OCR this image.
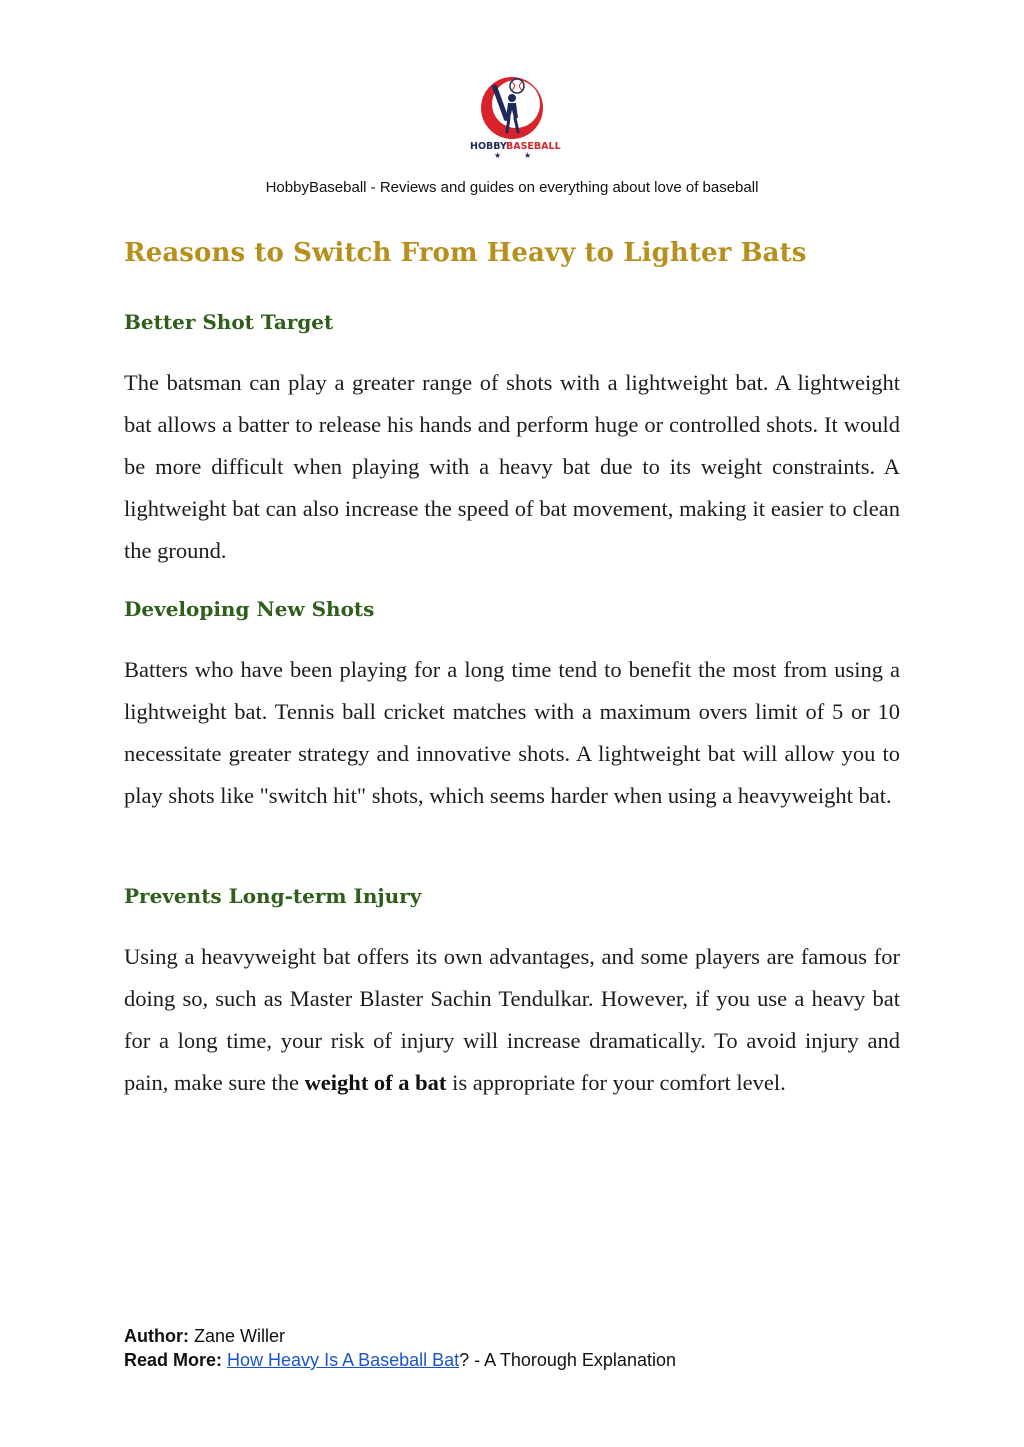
★	★
HOBBY BASEBALL
HobbyBaseball - Reviews and guides on everything about love of baseball
Reasons to Switch From Heavy to Lighter Bats
Better Shot Target

The batsman can play a greater range of shots with a lightweight bat. A lightweight bat allows a batter to release his hands and perform huge or controlled shots. It would be more difficult when playing with a heavy bat due to its weight constraints. A lightweight bat can also increase the speed of bat movement, making it easier to clean the ground.

Developing New Shots

Batters who have been playing for a long time tend to benefit the most from using a lightweight bat. Tennis ball cricket matches with a maximum overs limit of 5 or 10 necessitate greater strategy and innovative shots. A lightweight bat will allow you to play shots like "switch hit" shots, which seems harder when using a heavyweight bat.

Prevents Long-term Injury

Using a heavyweight bat offers its own advantages, and some players are famous for doing so, such as Master Blaster Sachin Tendulkar. However, if you use a heavy bat for a long time, your risk of injury will increase dramatically. To avoid injury and pain, make sure the weight of a bat is appropriate for your comfort level.

Author: Zane Willer
Read More: How Heavy Is A Baseball Bat? - A Thorough Explanation
